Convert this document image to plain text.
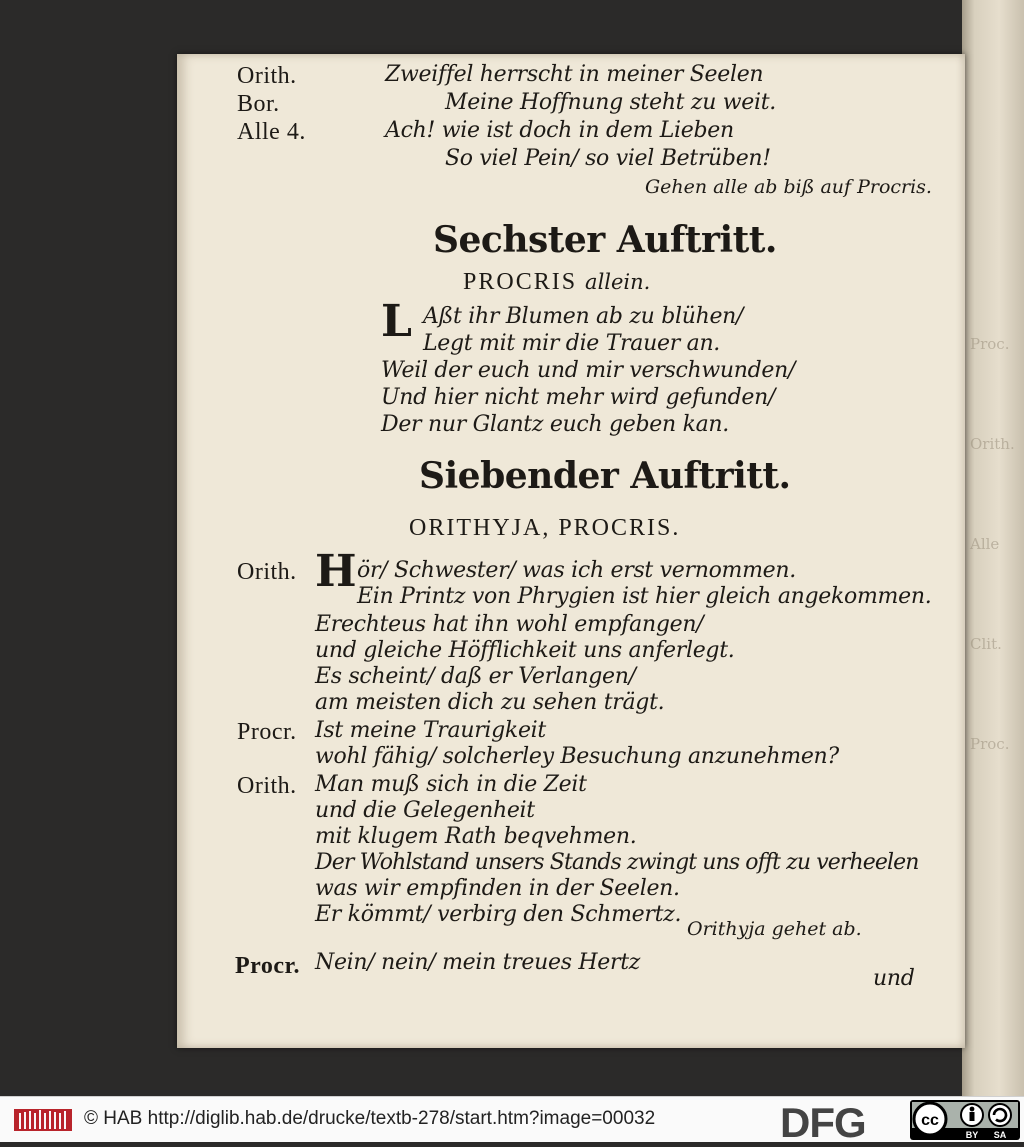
Proc.
Orith.
Alle
Clit.
Proc.
Orith.	Zweiffel herrscht in meiner Seelen
Bor.	Meine Hoffnung steht zu weit.
Alle 4.	Ach! wie ist doch in dem Lieben
So viel Pein/ so viel Betrüben!
Gehen alle ab biß auf Procris.
Sechster Auftritt.
PROCRIS allein.
L Aßt ihr Blumen ab zu blühen/
Legt mit mir die Trauer an.
Weil der euch und mir verschwunden/
Und hier nicht mehr wird gefunden/
Der nur Glantz euch geben kan.
Siebender Auftritt.
ORITHYJA, PROCRIS.
Orith. H ör/ Schwester/ was ich erst vernommen.
Ein Printz von Phrygien ist hier gleich angekommen.
Erechteus hat ihn wohl empfangen/
und gleiche Höfflichkeit uns anferlegt.
Es scheint/ daß er Verlangen/
am meisten dich zu sehen trägt.
Procr. Ist meine Traurigkeit
wohl fähig/ solcherley Besuchung anzunehmen?
Orith. Man muß sich in die Zeit
und die Gelegenheit
mit klugem Rath beqvehmen.
Der Wohlstand unsers Stands zwingt uns offt zu verheelen
was wir empfinden in der Seelen.
Er kömmt/ verbirg den Schmertz.
Orithyja gehet ab.
Procr. Nein/ nein/ mein treues Hertz
und
© HAB http://diglib.hab.de/drucke/textb-278/start.htm?image=00032	DFG	cc
BY SA
